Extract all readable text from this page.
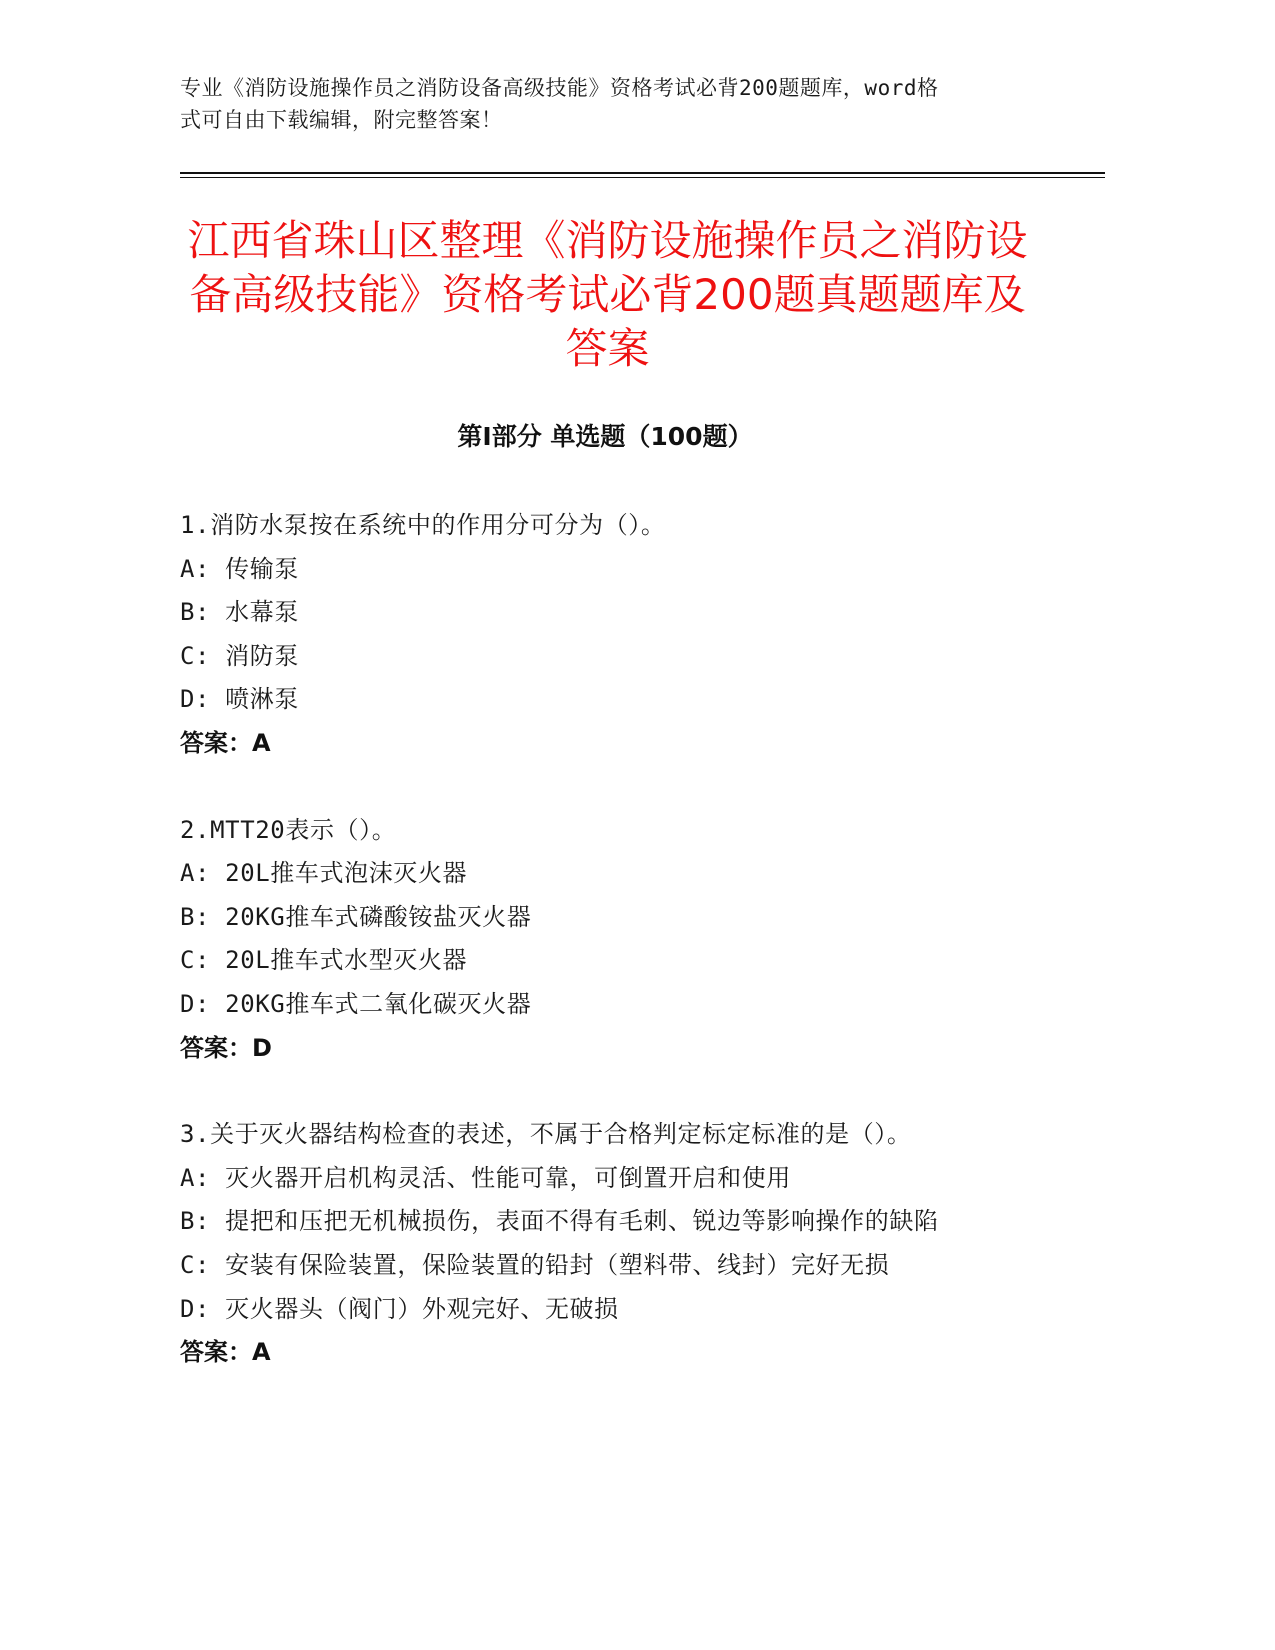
专业《消防设施操作员之消防设备高级技能》资格考试必背200题题库，word格
式可自由下载编辑，附完整答案！
江西省珠山区整理《消防设施操作员之消防设备高级技能》资格考试必背200题真题题库及答案
第I部分 单选题（100题）
1.消防水泵按在系统中的作用分可分为（）。
A: 传输泵
B: 水幕泵
C: 消防泵
D: 喷淋泵
答案：A
2.MTT20表示（）。
A: 20L推车式泡沫灭火器
B: 20KG推车式磷酸铵盐灭火器
C: 20L推车式水型灭火器
D: 20KG推车式二氧化碳灭火器
答案：D
3.关于灭火器结构检查的表述，不属于合格判定标定标准的是（）。
A: 灭火器开启机构灵活、性能可靠，可倒置开启和使用
B: 提把和压把无机械损伤，表面不得有毛刺、锐边等影响操作的缺陷
C: 安装有保险装置，保险装置的铅封（塑料带、线封）完好无损
D: 灭火器头（阀门）外观完好、无破损
答案：A
